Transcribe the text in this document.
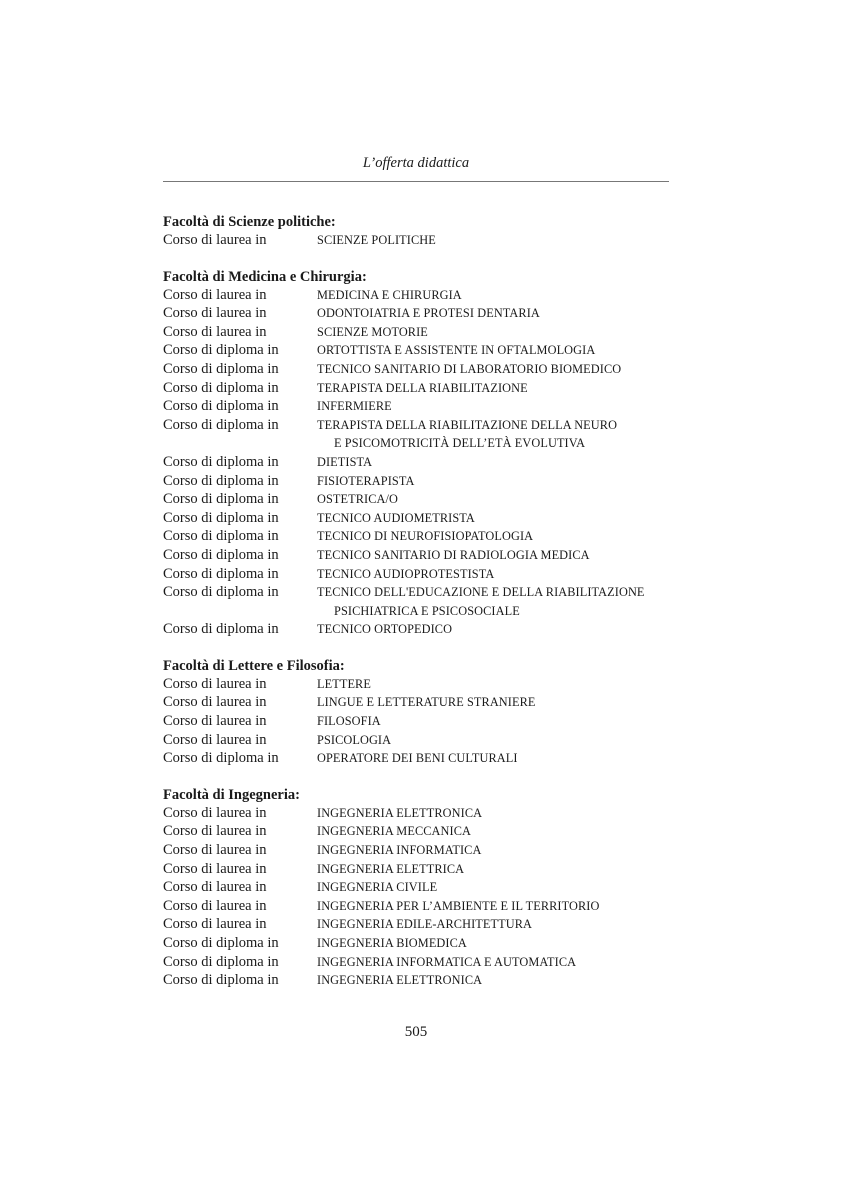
L’offerta didattica
Facoltà di Scienze politiche:
Corso di laurea in	SCIENZE POLITICHE
Facoltà di Medicina e Chirurgia:
Corso di laurea in	MEDICINA E CHIRURGIA
Corso di laurea in	ODONTOIATRIA E PROTESI DENTARIA
Corso di laurea in	SCIENZE MOTORIE
Corso di diploma in	ORTOTTISTA E ASSISTENTE IN OFTALMOLOGIA
Corso di diploma in	TECNICO SANITARIO DI LABORATORIO BIOMEDICO
Corso di diploma in	TERAPISTA DELLA RIABILITAZIONE
Corso di diploma in	INFERMIERE
Corso di diploma in	TERAPISTA DELLA RIABILITAZIONE DELLA NEURO
E PSICOMOTRICITÀ DELL’ETÀ EVOLUTIVA
Corso di diploma in	DIETISTA
Corso di diploma in	FISIOTERAPISTA
Corso di diploma in	OSTETRICA/O
Corso di diploma in	TECNICO AUDIOMETRISTA
Corso di diploma in	TECNICO DI NEUROFISIOPATOLOGIA
Corso di diploma in	TECNICO SANITARIO DI RADIOLOGIA MEDICA
Corso di diploma in	TECNICO AUDIOPROTESTISTA
Corso di diploma in	TECNICO DELL'EDUCAZIONE E DELLA RIABILITAZIONE
PSICHIATRICA E PSICOSOCIALE
Corso di diploma in	TECNICO ORTOPEDICO
Facoltà di Lettere e Filosofia:
Corso di laurea in	LETTERE
Corso di laurea in	LINGUE E LETTERATURE STRANIERE
Corso di laurea in	FILOSOFIA
Corso di laurea in	PSICOLOGIA
Corso di diploma in	OPERATORE DEI BENI CULTURALI
Facoltà di Ingegneria:
Corso di laurea in	INGEGNERIA ELETTRONICA
Corso di laurea in	INGEGNERIA MECCANICA
Corso di laurea in	INGEGNERIA INFORMATICA
Corso di laurea in	INGEGNERIA ELETTRICA
Corso di laurea in	INGEGNERIA CIVILE
Corso di laurea in	INGEGNERIA PER L’AMBIENTE E IL TERRITORIO
Corso di laurea in	INGEGNERIA EDILE-ARCHITETTURA
Corso di diploma in	INGEGNERIA BIOMEDICA
Corso di diploma in	INGEGNERIA INFORMATICA E AUTOMATICA
Corso di diploma in	INGEGNERIA ELETTRONICA
505
